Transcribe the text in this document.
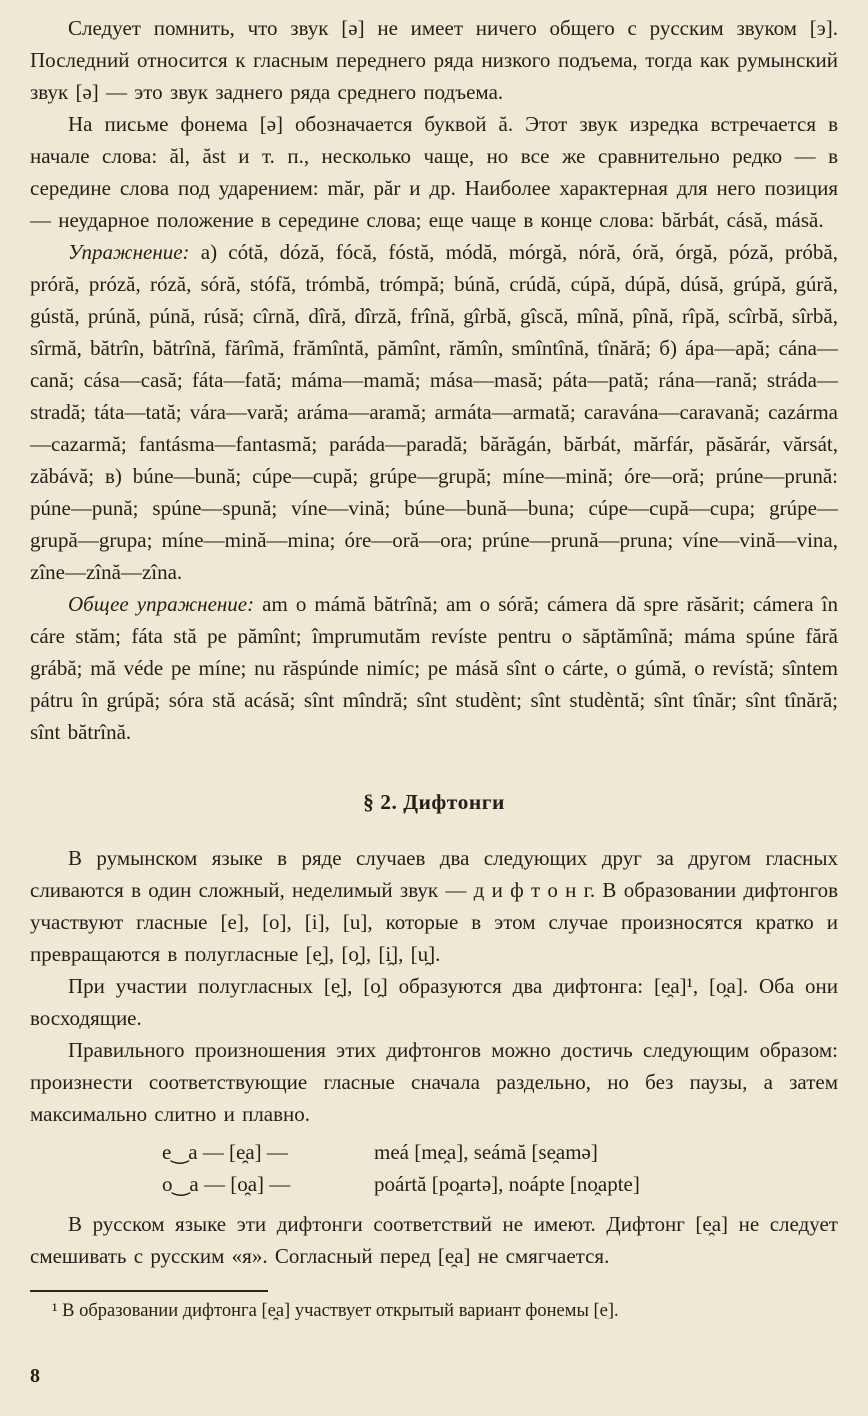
Следует помнить, что звук [ə] не имеет ничего общего с русским звуком [э]. Последний относится к гласным переднего ряда низкого подъема, тогда как румынский звук [ə] — это звук заднего ряда среднего подъема.

На письме фонема [ə] обозначается буквой ă. Этот звук изредка встречается в начале слова: ăl, ăst и т. п., несколько чаще, но все же сравнительно редко — в середине слова под ударением: măr, păr и др. Наиболее характерная для него позиция — неударное положение в середине слова; еще чаще в конце слова: bărbát, cásă, másă.

Упражнение: а) cótă, dóză, fócă, fóstă, módă, mórgă, nóră, óră, órgă, póză, próbă, próră, próză, róză, sóră, stófă, trómbă, trómpă; búnă, crúdă, cúpă, dúpă, dúsă, grúpă, gúră, gústă, prúnă, púnă, rúsă; cîrnă, dîră, dîrză, frînă, gîrbă, gîscă, mînă, pînă, rîpă, scîrbă, sîrbă, sîrmă, bătrîn, bătrînă, fărîmă, frămîntă, pămînt, rămîn, smîntînă, tînără; б) ápa—apă; cána—cană; cása—casă; fáta—fată; máma—mamă; mása—masă; páta—pată; rána—rană; stráda—stradă; táta—tată; vára—vară; aráma—aramă; armáta—armată; caravána—caravană; cazárma—cazarmă; fantásma—fantasmă; paráda—paradă; bărăgán, bărbát, mărfár, păsărár, vărsát, zăbávă; в) búne—bună; cúpe—cupă; grúpe—grupă; míne—mină; óre—oră; prúne—prună: púne—pună; spúne—spună; víne—vină; búne—bună—buna; cúpe—cupă—cupa; grúpe—grupă—grupa; míne—mină—mina; óre—oră—ora; prúne—prună—pruna; víne—vină—vina, zîne—zînă—zîna.

Общее упражнение: am o mámă bătrînă; am o sóră; cámera dă spre răsărit; cámera în cáre stăm; fáta stă pe pămînt; împrumutăm revíste pentru o săptămînă; máma spúne fără grábă; mă véde pe míne; nu răspúnde nimíc; pe másă sînt o cárte, o gúmă, o revístă; sîntem pátru în grúpă; sóra stă acásă; sînt mîndră; sînt studènt; sînt studèntă; sînt tînăr; sînt tînără; sînt bătrînă.

§ 2. Дифтонги

В румынском языке в ряде случаев два следующих друг за другом гласных сливаются в один сложный, неделимый звук — д и ф т о н г. В образовании дифтонгов участвуют гласные [e], [o], [i], [u], которые в этом случае произносятся кратко и превращаются в полугласные [e̯], [o̯], [i̯], [u̯].

При участии полугласных [e̯], [o̯] образуются два дифтонга: [e̯a]¹, [o̯a]. Оба они восходящие.

Правильного произношения этих дифтонгов можно достичь следующим образом: произнести соответствующие гласные сначала раздельно, но без паузы, а затем максимально слитно и плавно.

e‿a — [e̯a] —	meá [me̯a], seámă [se̯amə]
o‿a — [o̯a] —	poártă [po̯artə], noápte [no̯apte]

В русском языке эти дифтонги соответствий не имеют. Дифтонг [e̯a] не следует смешивать с русским «я». Согласный перед [e̯a] не смягчается.

¹ В образовании дифтонга [e̯a] участвует открытый вариант фонемы [e].

8
